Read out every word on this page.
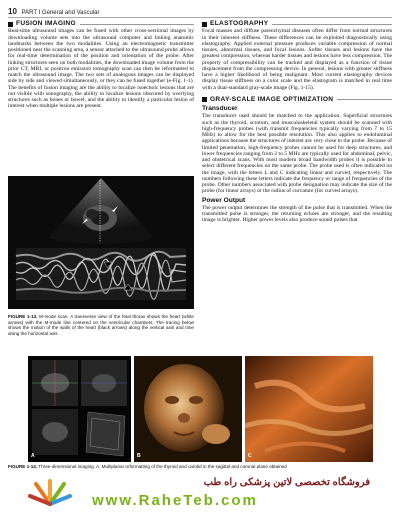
10 PART I General and Vascular
FUSION IMAGING

Real-time ultrasound images can be fused with other cross-sectional images by downloading volume sets into the ultrasound computer and linking anatomic landmarks between the two modalities. Using an electromagnetic transmitter positioned near the scanning area, a sensor attached to the ultrasound probe allows for real-time determination of the position and orientation of the probe. After linking structures seen on both modalities, the downloaded image volume from the prior CT, MRI, or positron emission tomography scan can then be reformatted to match the ultrasound image. The two sets of analogous images can be displayed side by side and viewed simultaneously, or they can be fused together (e-Fig. 1-1). The benefits of fusion imaging are the ability to localize isoechoic lesions that are not visible with sonography, the ability to localize lesions obscured by overlying structures such as bones or bowel, and the ability to identify a particular lesion of interest when multiple lesions are present.

FIGURE 1-13. M-mode scan. A transverse view of the fetal thorax shows the heart (white arrows) with the M-mode line centered on the ventricular chambers. The tracing below shows the motion of the walls of the heart (black arrows) along the vertical axis and time along the horizontal axis.
ELASTOGRAPHY

Focal masses and diffuse parenchymal diseases often differ from normal structures in their inherent stiffness. These differences can be exploited diagnostically using elastography. Applied external pressure produces variable compression of normal tissues, abnormal tissues, and focal lesions. Softer tissues and lesions have the greatest compression, whereas harder tissues and lesions have less compression. The property of compressibility can be tracked and displayed as a function of tissue displacement from the compressing device. In general, lesions with greater stiffness have a higher likelihood of being malignant. Most current elastography devices display tissue stiffness on a color scale and the elastogram is matched in real time with a dual-standard gray-scale image (Fig. 1-15).

GRAY-SCALE IMAGE OPTIMIZATION
Transducer

The transducer used should be matched to the application. Superficial structures such as the thyroid, scrotum, and musculoskeletal system should be scanned with high-frequency probes (with transmit frequencies typically varying from 7 to 15 MHz) to allow for the best possible resolution. This also applies to endoluminal applications because the structures of interest are very close to the probe. Because of limited penetration, high-frequency probes cannot be used for deep structures, and lower frequencies ranging from 2 to 5 MHz are typically used for abdominal, pelvic, and obstetrical scans. With most modern broad bandwidth probes it is possible to select different frequencies on the same probe. The probe used is often indicated on the image, with the letters L and C indicating linear and curved, respectively. The numbers following these letters indicate the frequency or range of frequencies of the probe. Other numbers associated with probe designation may indicate the size of the probe (for linear arrays) or the radius of curvature (for curved arrays).

Power Output

The power output determines the strength of the pulse that is transmitted. When the transmitted pulse is stronger, the returning echoes are stronger, and the resulting image is brighter. Higher power levels also produce sound pulses that

A	B	C
FIGURE 1-14. Three-dimensional imaging. A, Multiplanar reformatting of the thyroid and carotid in the sagittal and coronal plane obtained
فروشگاه تخصصی لاتین پزشکی راه طب
www.RaheTeb.com
